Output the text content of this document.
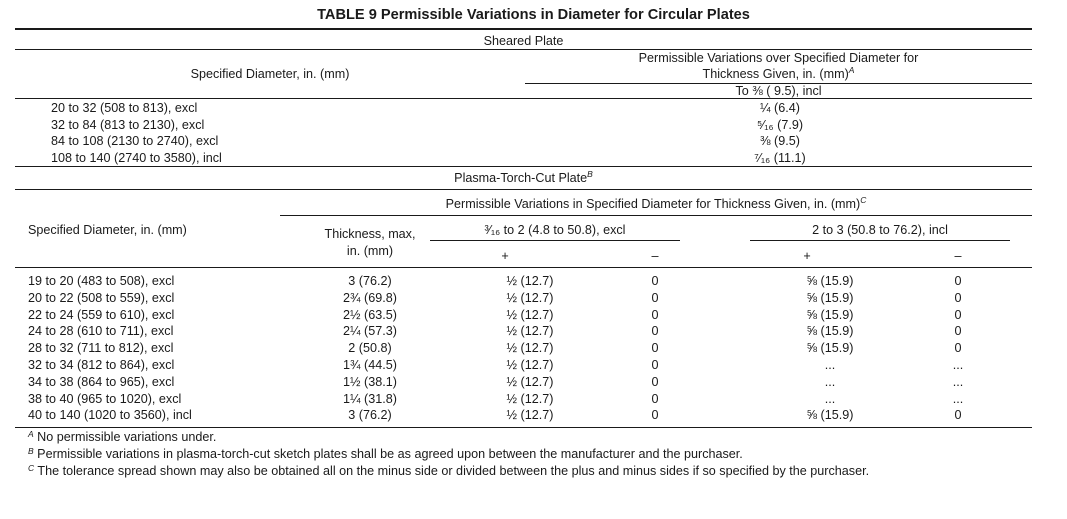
TABLE 9 Permissible Variations in Diameter for Circular Plates
Sheared Plate
Specified Diameter, in. (mm)
Permissible Variations over Specified Diameter for
Thickness Given, in. (mm)$^A$
To ⅜ ( 9.5), incl
20 to 32 (508 to 813), excl	¼ (6.4)
32 to 84 (813 to 2130), excl	⁵⁄₁₆ (7.9)
84 to 108 (2130 to 2740), excl	⅜ (9.5)
108 to 140 (2740 to 3580), incl	⁷⁄₁₆ (11.1)
Plasma-Torch-Cut Plate$^B$
Permissible Variations in Specified Diameter for Thickness Given, in. (mm)$^C$
Specified Diameter, in. (mm)	Thickness, max,
in. (mm)
³⁄₁₆ to 2 (4.8 to 50.8), excl	2 to 3 (50.8 to 76.2), incl
+	–	+	–
19 to 20 (483 to 508), excl	3 (76.2)	½ (12.7)	0	⅝ (15.9)	0
20 to 22 (508 to 559), excl	2¾ (69.8)	½ (12.7)	0	⅝ (15.9)	0
22 to 24 (559 to 610), excl	2½ (63.5)	½ (12.7)	0	⅝ (15.9)	0
24 to 28 (610 to 711), excl	2¼ (57.3)	½ (12.7)	0	⅝ (15.9)	0
28 to 32 (711 to 812), excl	2 (50.8)	½ (12.7)	0	⅝ (15.9)	0
32 to 34 (812 to 864), excl	1¾ (44.5)	½ (12.7)	0	...	...
34 to 38 (864 to 965), excl	1½ (38.1)	½ (12.7)	0	...	...
38 to 40 (965 to 1020), excl	1¼ (31.8)	½ (12.7)	0	...	...
40 to 140 (1020 to 3560), incl	3 (76.2)	½ (12.7)	0	⅝ (15.9)	0
$^A$ No permissible variations under.
$^B$ Permissible variations in plasma-torch-cut sketch plates shall be as agreed upon between the manufacturer and the purchaser.
$^C$ The tolerance spread shown may also be obtained all on the minus side or divided between the plus and minus sides if so specified by the purchaser.
